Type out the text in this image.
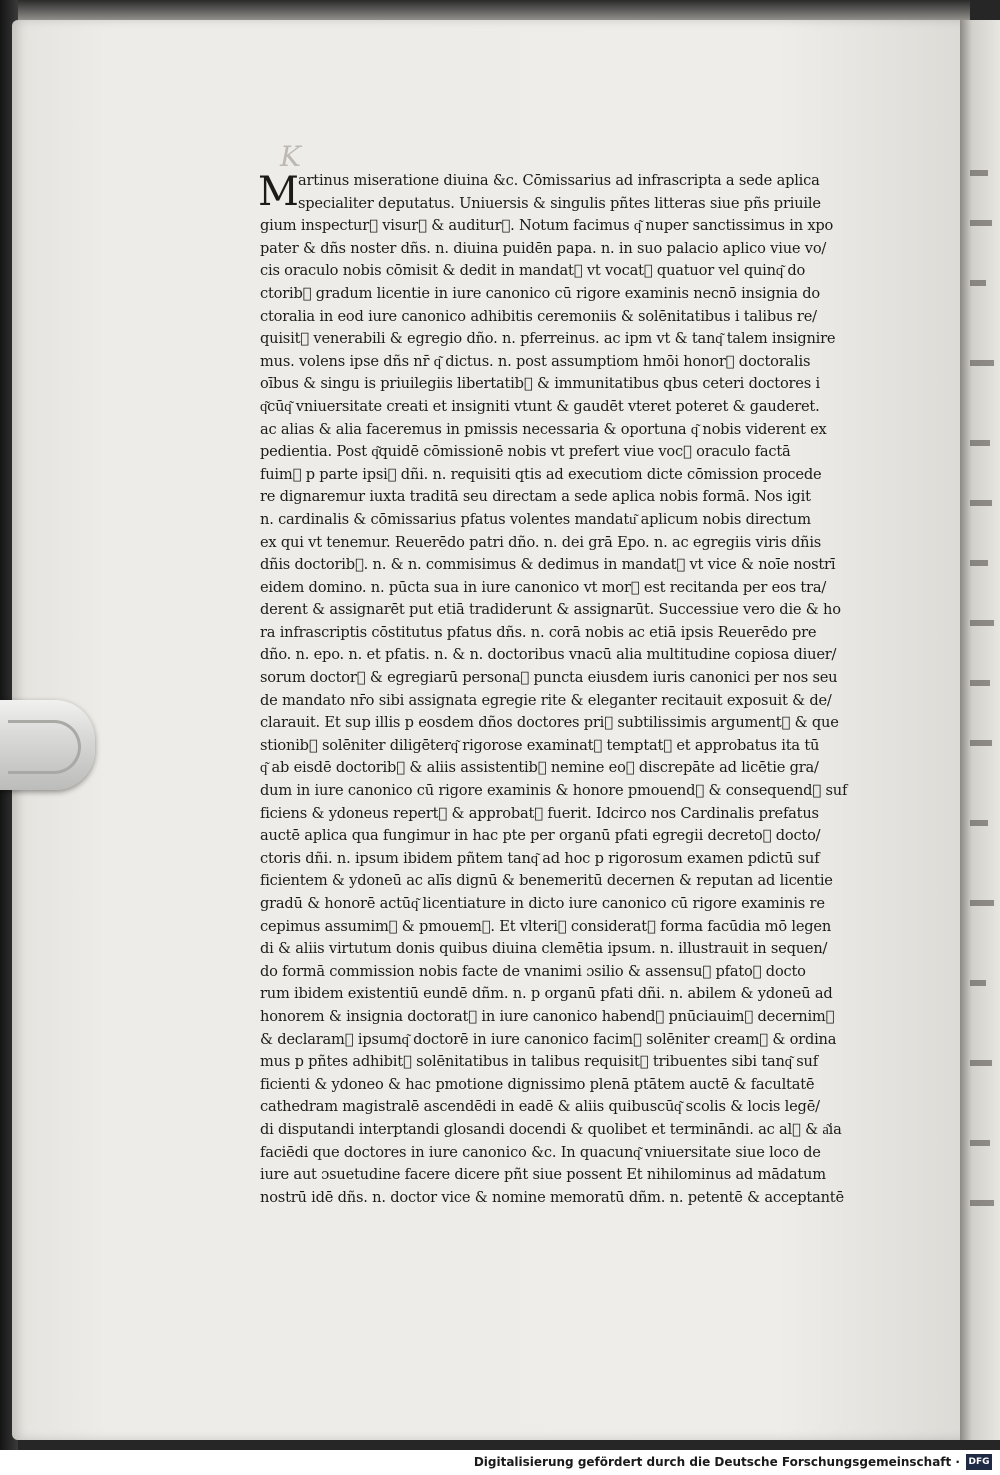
K
M artinus miseratione diuina &c. Cōmissarius ad infrascripta a sede aplica
specialiter deputatus. Uniuersis & singulis pñtes litteras siue pñs priuile
gium inspectur᷒ visur᷒ & auditur᷒. Notum facimus q͂ nuper sanctissimus in xpo
pater & dñs noster dñs. n. diuina puidēn papa. n. in suo palacio aplico viue vo/
cis oraculo nobis cōmisit & dedit in mandat᷒ vt vocat᷒ quatuor vel quinq͂ do
ctorib᷒ gradum licentie in iure canonico cū rigore examinis necnō insignia do
ctoralia in eod iure canonico adhibitis ceremoniis & solēnitatibus i talibus re/
quisit᷒ venerabili & egregio dño. n. pferreinus. ac ipm vt & tanq͂ talem insignire
mus. volens ipse dñs nr̄ q͂ dictus. n. post assumptiom hmōi honor᷒ doctoralis
oībus & singu is priuilegiis libertatib᷒ & immunitatibus qbus ceteri doctores i
q͂cūq͂ vniuersitate creati et insigniti vtunt & gaudēt vteret poteret & gauderet.
ac alias & alia faceremus in pmissis necessaria & oportuna q͂ nobis viderent ex
pedientia. Post q͂quidē cōmissionē nobis vt prefert viue voc᷒ oraculo factā
fuim᷒ p parte ipsi᷒ dñi. n. requisiti qtis ad executiom dicte cōmission procede
re dignaremur iuxta traditā seu directam a sede aplica nobis formā. Nos igit
n. cardinalis & cōmissarius pfatus volentes mandatu͂ aplicum nobis directum
ex qui vt tenemur. Reuerēdo patri dño. n. dei grā Epo. n. ac egregiis viris dñis
dñis doctorib᷒. n. & n. commisimus & dedimus in mandat᷒ vt vice & noīe nostrī
eidem domino. n. pūcta sua in iure canonico vt mor᷒ est recitanda per eos tra/
derent & assignarēt put etiā tradiderunt & assignarūt. Successiue vero die & ho
ra infrascriptis cōstitutus pfatus dñs. n. corā nobis ac etiā ipsis Reuerēdo pre
dño. n. epo. n. et pfatis. n. & n. doctoribus vnacū alia multitudine copiosa diuer/
sorum doctor᷒ & egregiarū persona᷒ puncta eiusdem iuris canonici per nos seu
de mandato nr̄o sibi assignata egregie rite & eleganter recitauit exposuit & de/
clarauit. Et sup illis p eosdem dños doctores pri᷒ subtilissimis argument᷒ & que
stionib᷒ solēniter diligēterq͂ rigorose examinat᷒ temptat᷒ et approbatus ita tū
q͂ ab eisdē doctorib᷒ & aliis assistentib᷒ nemine eo᷒ discrepāte ad licētie gra/
dum in iure canonico cū rigore examinis & honore pmouend᷒ & consequend᷒ suf
ficiens & ydoneus repert᷒ & approbat᷒ fuerit. Idcirco nos Cardinalis prefatus
auctē aplica qua fungimur in hac pte per organū pfati egregii decreto᷒ docto/
ctoris dñi. n. ipsum ibidem pñtem tanq͂ ad hoc p rigorosum examen pdictū suf
ficientem & ydoneū ac alīs dignū & benemeritū decernen & reputan ad licentie
gradū & honorē actūq͂ licentiature in dicto iure canonico cū rigore examinis re
cepimus assumim᷒ & pmouem᷒. Et vlteri᷒ considerat᷒ forma facūdia mō legen
di & aliis virtutum donis quibus diuina clemētia ipsum. n. illustrauit in sequen/
do formā commission nobis facte de vnanimi ɔsilio & assensu᷒ pfato᷒ docto
rum ibidem existentiū eundē dñm. n. p organū pfati dñi. n. abilem & ydoneū ad
honorem & insignia doctorat᷒ in iure canonico habend᷒ pnūciauim᷒ decernim᷒
& declaram᷒ ipsumq͂ doctorē in iure canonico facim᷒ solēniter cream᷒ & ordina
mus p pñtes adhibit᷒ solēnitatibus in talibus requisit᷒ tribuentes sibi tanq͂ suf
ficienti & ydoneo & hac pmotione dignissimo plenā ptātem auctē & facultatē
cathedram magistralē ascendēdi in eadē & aliis quibuscūq͂ scolis & locis legē/
di disputandi interptandi glosandi docendi & quolibet et termināndi. ac al᷒ & a͂ia
faciēdi que doctores in iure canonico &c. In quacunq͂ vniuersitate siue loco de
iure aut ɔsuetudine facere dicere pñt siue possent Et nihilominus ad mādatum
nostrū idē dñs. n. doctor vice & nomine memoratū dñm. n. petentē & acceptantē
Digitalisierung gefördert durch die Deutsche Forschungsgemeinschaft · DFG
